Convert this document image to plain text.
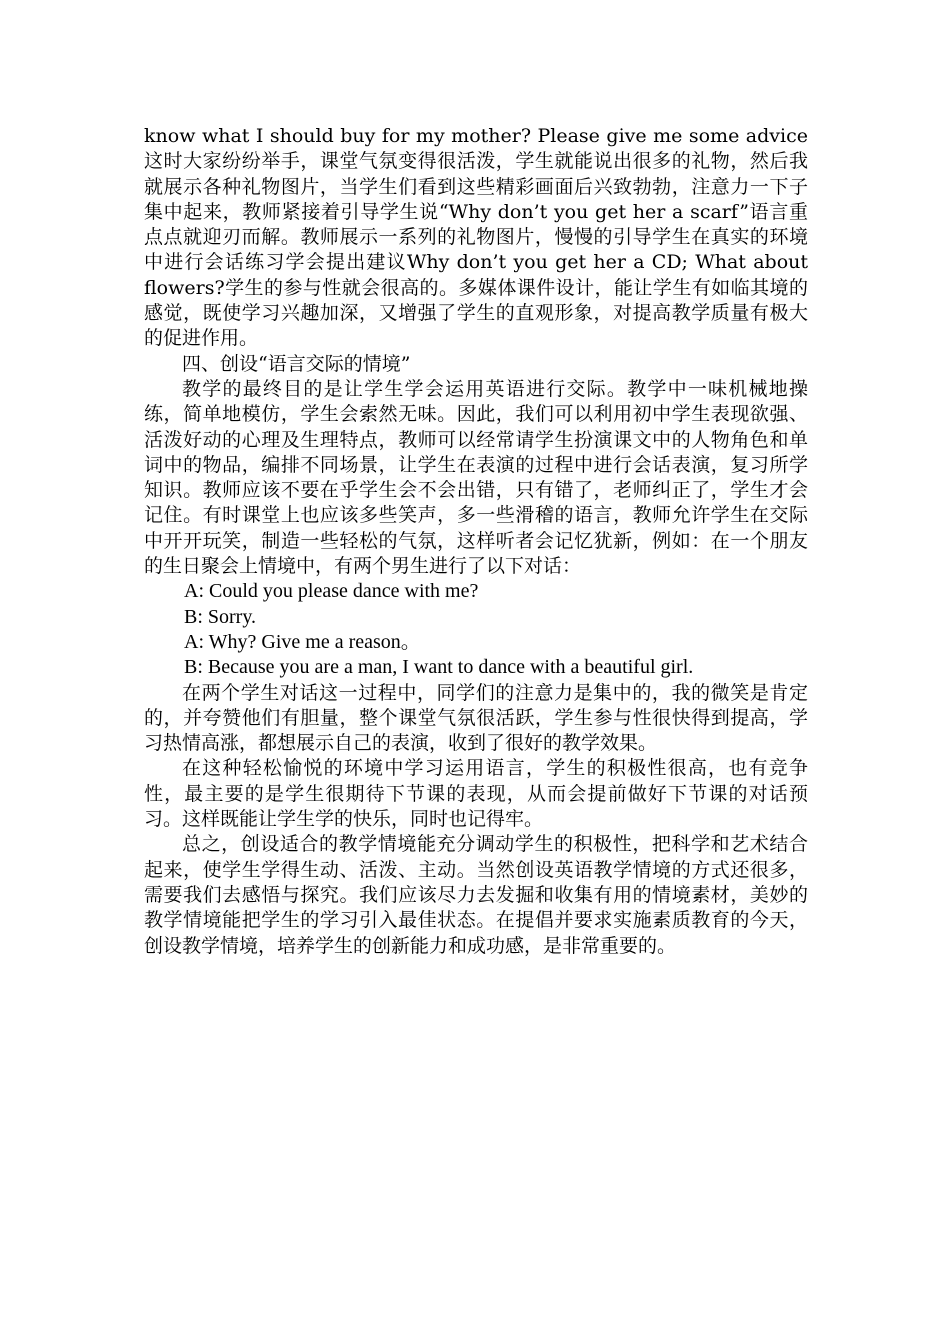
know what I should buy for my mother? Please give me some advice这时大家纷纷举手，课堂气氛变得很活泼，学生就能说出很多的礼物，然后我就展示各种礼物图片，当学生们看到这些精彩画面后兴致勃勃，注意力一下子集中起来，教师紧接着引导学生说“Why don’t you get her a scarf”语言重点点就迎刃而解。教师展示一系列的礼物图片，慢慢的引导学生在真实的环境中进行会话练习学会提出建议Why don’t you get her a CD; What about flowers?学生的参与性就会很高的。多媒体课件设计，能让学生有如临其境的感觉，既使学习兴趣加深，又增强了学生的直观形象，对提高教学质量有极大的促进作用。

四、创设“语言交际的情境”

教学的最终目的是让学生学会运用英语进行交际。教学中一味机械地操练，简单地模仿，学生会索然无味。因此，我们可以利用初中学生表现欲强、活泼好动的心理及生理特点，教师可以经常请学生扮演课文中的人物角色和单词中的物品，编排不同场景，让学生在表演的过程中进行会话表演，复习所学知识。教师应该不要在乎学生会不会出错，只有错了，老师纠正了，学生才会记住。有时课堂上也应该多些笑声，多一些滑稽的语言，教师允许学生在交际中开开玩笑，制造一些轻松的气氛，这样听者会记忆犹新，例如：在一个朋友的生日聚会上情境中，有两个男生进行了以下对话：

A: Could you please dance with me?

B: Sorry.

A: Why? Give me a reason。

B: Because you are a man, I want to dance with a beautiful girl.

在两个学生对话这一过程中，同学们的注意力是集中的，我的微笑是肯定的，并夸赞他们有胆量，整个课堂气氛很活跃，学生参与性很快得到提高，学习热情高涨，都想展示自己的表演，收到了很好的教学效果。

在这种轻松愉悦的环境中学习运用语言，学生的积极性很高，也有竞争性，最主要的是学生很期待下节课的表现，从而会提前做好下节课的对话预习。这样既能让学生学的快乐，同时也记得牢。

总之，创设适合的教学情境能充分调动学生的积极性，把科学和艺术结合起来，使学生学得生动、活泼、主动。当然创设英语教学情境的方式还很多，需要我们去感悟与探究。我们应该尽力去发掘和收集有用的情境素材，美妙的教学情境能把学生的学习引入最佳状态。在提倡并要求实施素质教育的今天，创设教学情境，培养学生的创新能力和成功感，是非常重要的。
